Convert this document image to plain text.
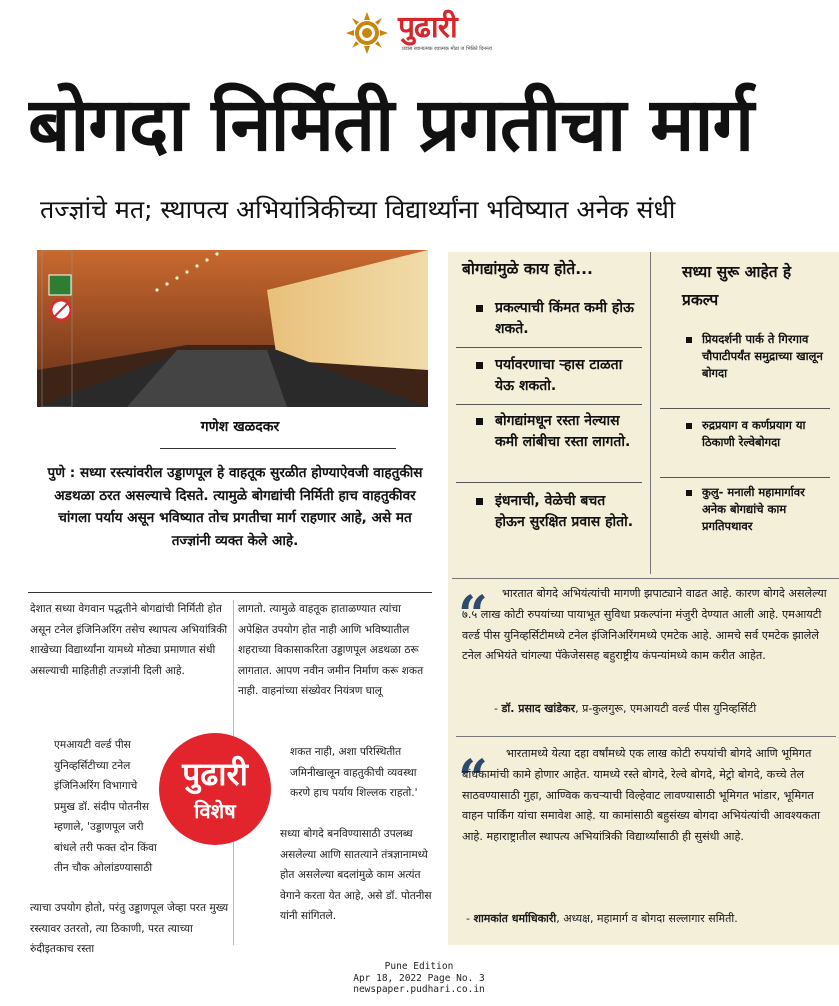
पुढारी
प्रवास स्थानात्मक रथात्मक मोठा ज भिन्निते दिनन्त्य
बोगदा निर्मिती प्रगतीचा मार्ग
तज्ज्ञांचे मत; स्थापत्य अभियांत्रिकीच्या विद्यार्थ्यांना भविष्यात अनेक संधी
गणेश खळदकर
पुणे : सध्या रस्त्यांवरील उड्डाणपूल हे वाहतूक सुरळीत होण्याऐवजी वाहतुकीस अडथळा ठरत असल्याचे दिसते. त्यामुळे बोगद्यांची निर्मिती हाच वाहतुकीवर चांगला पर्याय असून भविष्यात तोच प्रगतीचा मार्ग राहणार आहे, असे मत तज्ज्ञांनी व्यक्त केले आहे.
देशात सध्या वेगवान पद्धतीने बोगद्यांची निर्मिती होत असून टनेल इंजिनिअरिंग तसेच स्थापत्य अभियांत्रिकी शाखेच्या विद्यार्थ्यांना यामध्ये मोठ्या प्रमाणात संधी असल्याची माहितीही तज्ज्ञांनी दिली आहे.
एमआयटी वर्ल्ड पीस युनिव्हर्सिटीच्या टनेल इंजिनिअरिंग विभागाचे प्रमुख डॉ. संदीप पोतनीस म्हणाले, 'उड्डाणपूल जरी बांधले तरी फक्त दोन किंवा तीन चौक ओलांडण्यासाठी
त्याचा उपयोग होतो, परंतु उड्डाणपूल जेव्हा परत मुख्य रस्त्यावर उतरतो, त्या ठिकाणी, परत त्याच्या रुंदीइतकाच रस्ता
लागतो. त्यामुळे वाहतूक हाताळण्यात त्यांचा अपेक्षित उपयोग होत नाही आणि भविष्यातील शहराच्या विकासाकरिता उड्डाणपूल अडथळा ठरू लागतात. आपण नवीन जमीन निर्माण करू शकत नाही. वाहनांच्या संख्येवर नियंत्रण घालू
शकत नाही, अशा परिस्थितीत जमिनीखालून वाहतुकीची व्यवस्था करणे हाच पर्याय शिल्लक राहतो.'
सध्या बोगदे बनविण्यासाठी उपलब्ध असलेल्या आणि सातत्याने तंत्रज्ञानामध्ये होत असलेल्या बदलांमुळे काम अत्यंत वेगाने करता येत आहे, असे डॉ. पोतनीस यांनी सांगितले.
पुढारी
विशेष
बोगद्यांमुळे काय होते...
प्रकल्पाची किंमत कमी होऊ शकते.
पर्यावरणाचा ऱ्हास टाळता येऊ शकतो.
बोगद्यांमधून रस्ता नेल्यास कमी लांबीचा रस्ता लागतो.
इंधनाची, वेळेची बचत होऊन सुरक्षित प्रवास होतो.
सध्या सुरू आहेत हे प्रकल्प
प्रियदर्शनी पार्क ते गिरगाव चौपाटीपर्यंत समुद्राच्या खालून बोगदा
रुद्रप्रयाग व कर्णप्रयाग या ठिकाणी रेल्वेबोगदा
कुलु- मनाली महामार्गावर अनेक बोगद्यांचे काम प्रगतिपथावर
“	भारतात बोगदे अभियंत्यांची मागणी झपाट्याने वाढत आहे. कारण बोगदे असलेल्या ७.५ लाख कोटी रुपयांच्या पायाभूत सुविधा प्रकल्पांना मंजुरी देण्यात आली आहे. एमआयटी वर्ल्ड पीस युनिव्हर्सिटीमध्ये टनेल इंजिनिअरिंगमध्ये एमटेक आहे. आमचे सर्व एमटेक झालेले टनेल अभियंते चांगल्या पॅकेजेससह बहुराष्ट्रीय कंपन्यांमध्ये काम करीत आहेत.
- डॉ. प्रसाद खांडेकर, प्र-कुलगुरू, एमआयटी वर्ल्ड पीस युनिव्हर्सिटी
“	भारतामध्ये येत्या दहा वर्षांमध्ये एक लाख कोटी रुपयांची बोगदे आणि भूमिगत बांधकामांची कामे होणार आहेत. यामध्ये रस्ते बोगदे, रेल्वे बोगदे, मेट्रो बोगदे, कच्चे तेल साठवण्यासाठी गुहा, आण्विक कचऱ्याची विल्हेवाट लावण्यासाठी भूमिगत भांडार, भूमिगत वाहन पार्किंग यांचा समावेश आहे. या कामांसाठी बहुसंख्य बोगदा अभियंत्यांची आवश्यकता आहे. महाराष्ट्रातील स्थापत्य अभियांत्रिकी विद्यार्थ्यांसाठी ही सुसंधी आहे.
- शामकांत धर्माधिकारी, अध्यक्ष, महामार्ग व बोगदा सल्लागार समिती.
Pune Edition
Apr 18, 2022 Page No. 3
newspaper.pudhari.co.in
